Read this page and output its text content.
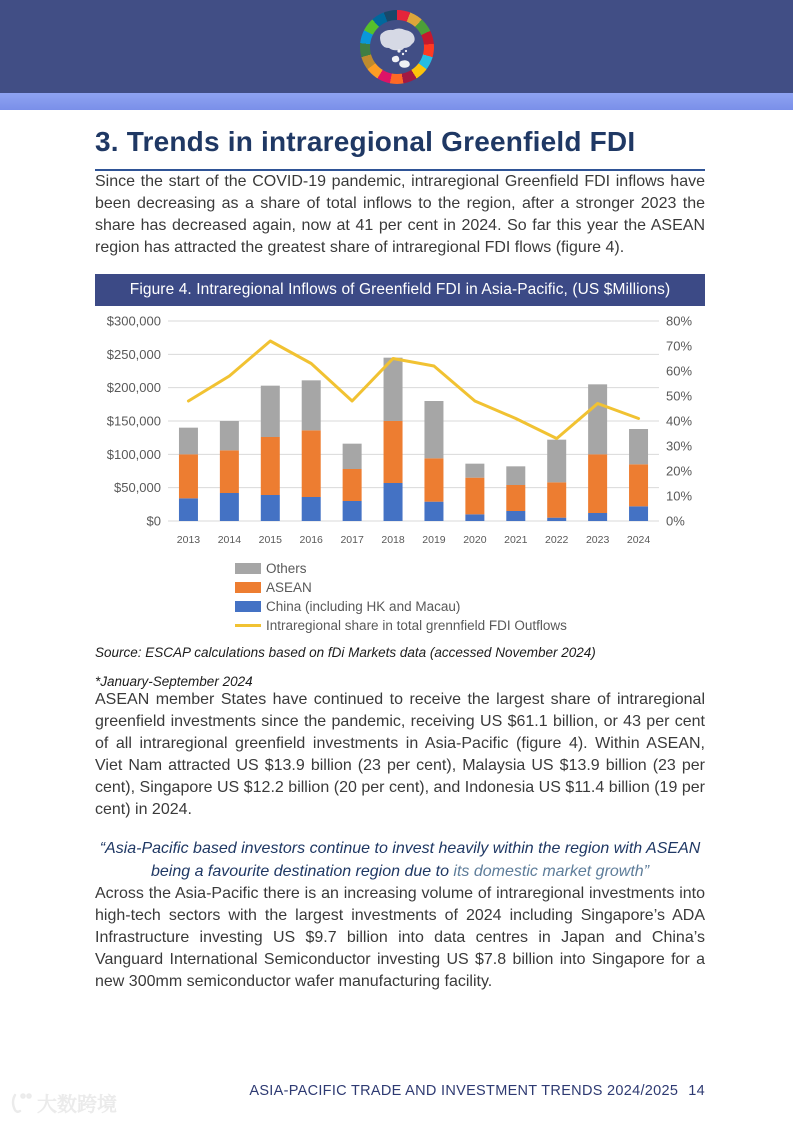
3. Trends in intraregional Greenfield FDI

Since the start of the COVID-19 pandemic, intraregional Greenfield FDI inflows have been decreasing as a share of total inflows to the region, after a stronger 2023 the share has decreased again, now at 41 per cent in 2024. So far this year the ASEAN region has attracted the greatest share of intraregional FDI flows (figure 4).

Figure 4. Intraregional Inflows of Greenfield FDI in Asia-Pacific, (US $Millions)
$0
$50,000
$100,000
$150,000
$200,000
$250,000
$300,000
0%
10%
20%
30%
40%
50%
60%
70%
80%
2013 2014 2015 2016 2017 2018 2019 2020 2021 2022 2023 2024
Others
ASEAN
China (including HK and Macau)
Intraregional share in total grennfield FDI Outflows
Source: ESCAP calculations based on fDi Markets data (accessed November 2024)
*January-September 2024

ASEAN member States have continued to receive the largest share of intraregional greenfield investments since the pandemic, receiving US $61.1 billion, or 43 per cent of all intraregional greenfield investments in Asia-Pacific (figure 4). Within ASEAN, Viet Nam attracted US $13.9 billion (23 per cent), Malaysia US $13.9 billion (23 per cent), Singapore US $12.2 billion (20 per cent), and Indonesia US $11.4 billion (19 per cent) in 2024.

“Asia-Pacific based investors continue to invest heavily within the region with ASEAN being a favourite destination region due to its domestic market growth”

Across the Asia-Pacific there is an increasing volume of intraregional investments into high-tech sectors with the largest investments of 2024 including Singapore’s ADA Infrastructure investing US $9.7 billion into data centres in Japan and China’s Vanguard International Semiconductor investing US $7.8 billion into Singapore for a new 300mm semiconductor wafer manufacturing facility.

ASIA-PACIFIC TRADE AND INVESTMENT TRENDS 2024/2025 14
大数跨境
